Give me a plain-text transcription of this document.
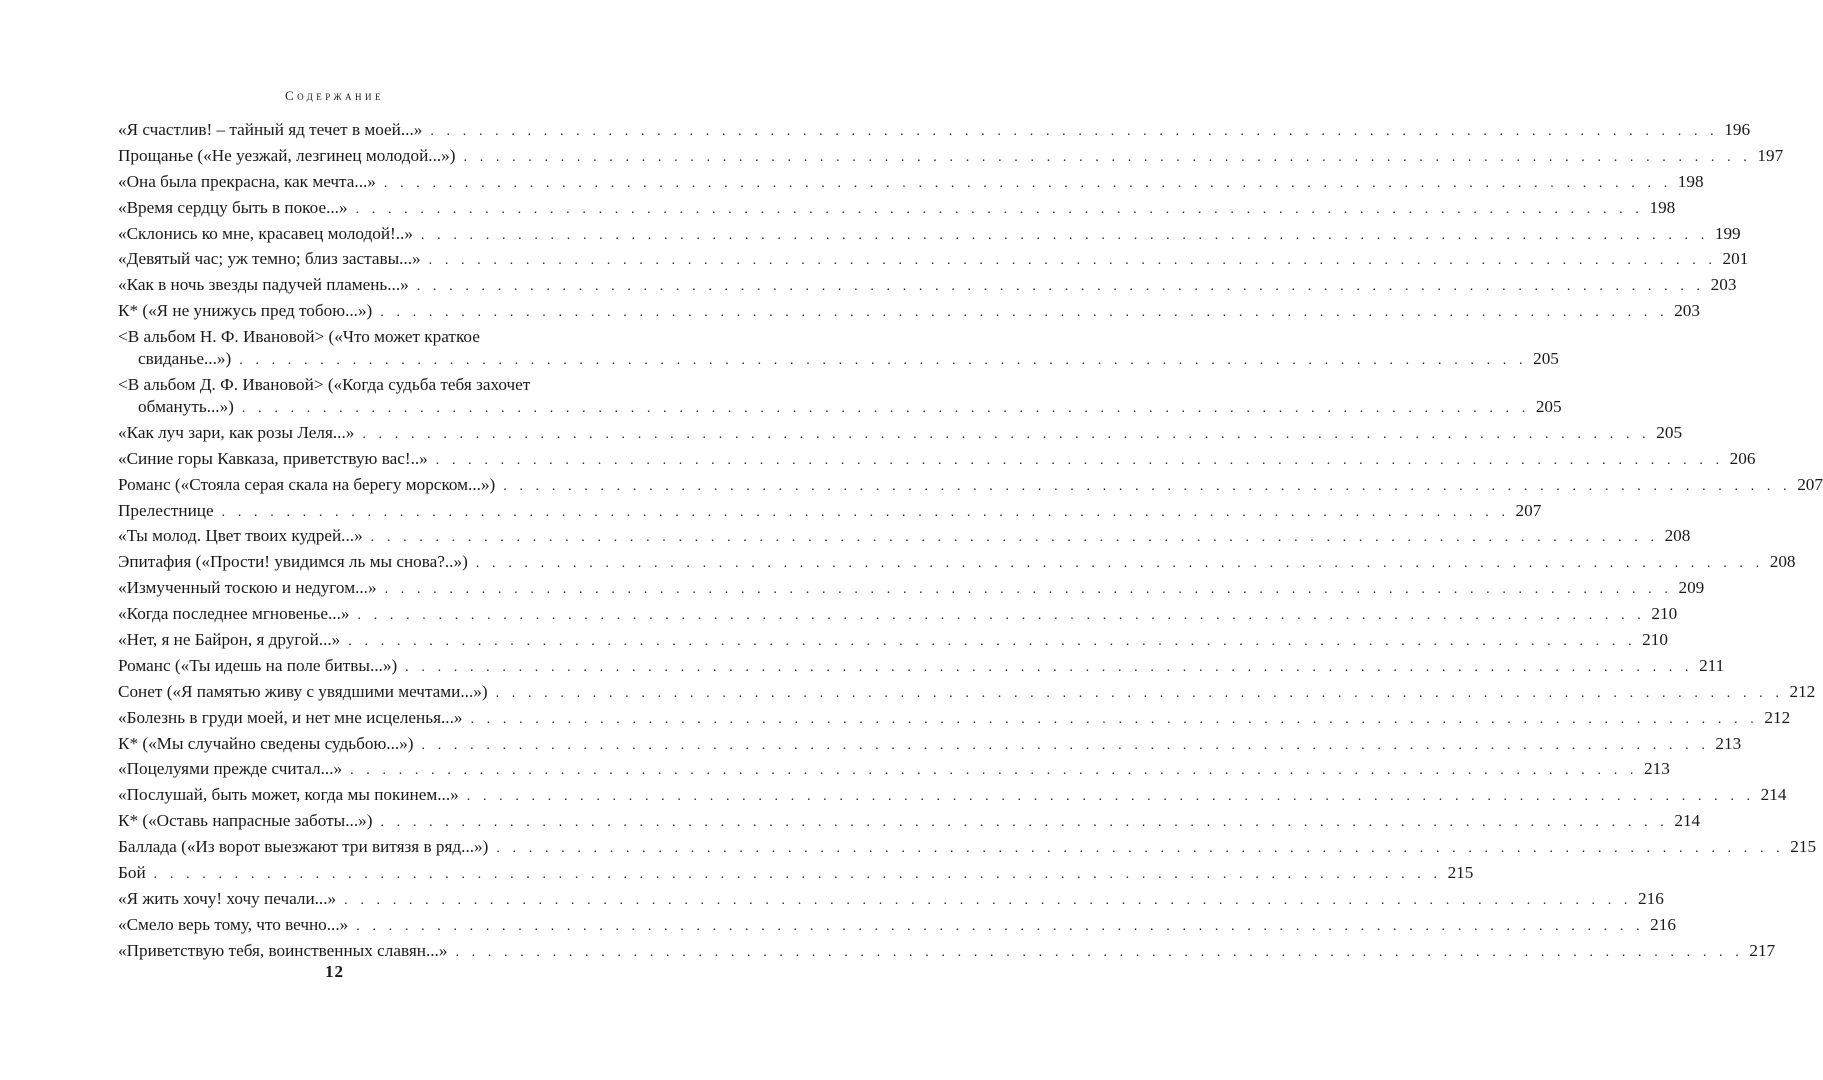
Содержание
«Я счастлив! – тайный яд течет в моей...» . . . . . . . . . . . . . . . . . . . . . . . . . . . . . . . . . . . . . . . . . . . . . . . . . . . . . . . . . . . . . . . . . . . . . . . . . . . . . . . . 196
Прощанье («Не уезжай, лезгинец молодой...») . . . . . . . . . . . . . . . . . . . . . . . . . . . . . . . . . . . . . . . . . . . . . . . . . . . . . . . . . . . . . . . . . . . . . . . . . . . . . . . . 197
«Она была прекрасна, как мечта...» . . . . . . . . . . . . . . . . . . . . . . . . . . . . . . . . . . . . . . . . . . . . . . . . . . . . . . . . . . . . . . . . . . . . . . . . . . . . . . . . 198
«Время сердцу быть в покое...» . . . . . . . . . . . . . . . . . . . . . . . . . . . . . . . . . . . . . . . . . . . . . . . . . . . . . . . . . . . . . . . . . . . . . . . . . . . . . . . . 198
«Склонись ко мне, красавец молодой!..» . . . . . . . . . . . . . . . . . . . . . . . . . . . . . . . . . . . . . . . . . . . . . . . . . . . . . . . . . . . . . . . . . . . . . . . . . . . . . . . . 199
«Девятый час; уж темно; близ заставы...» . . . . . . . . . . . . . . . . . . . . . . . . . . . . . . . . . . . . . . . . . . . . . . . . . . . . . . . . . . . . . . . . . . . . . . . . . . . . . . . . 201
«Как в ночь звезды падучей пламень...» . . . . . . . . . . . . . . . . . . . . . . . . . . . . . . . . . . . . . . . . . . . . . . . . . . . . . . . . . . . . . . . . . . . . . . . . . . . . . . . . 203
К* («Я не унижусь пред тобою...») . . . . . . . . . . . . . . . . . . . . . . . . . . . . . . . . . . . . . . . . . . . . . . . . . . . . . . . . . . . . . . . . . . . . . . . . . . . . . . . . 203
<В альбом Н. Ф. Ивановой> («Что может краткое
свиданье...») . . . . . . . . . . . . . . . . . . . . . . . . . . . . . . . . . . . . . . . . . . . . . . . . . . . . . . . . . . . . . . . . . . . . . . . . . . . . . . . . 205
<В альбом Д. Ф. Ивановой> («Когда судьба тебя захочет
обмануть...») . . . . . . . . . . . . . . . . . . . . . . . . . . . . . . . . . . . . . . . . . . . . . . . . . . . . . . . . . . . . . . . . . . . . . . . . . . . . . . . . 205
«Как луч зари, как розы Леля...» . . . . . . . . . . . . . . . . . . . . . . . . . . . . . . . . . . . . . . . . . . . . . . . . . . . . . . . . . . . . . . . . . . . . . . . . . . . . . . . . 205
«Синие горы Кавказа, приветствую вас!..» . . . . . . . . . . . . . . . . . . . . . . . . . . . . . . . . . . . . . . . . . . . . . . . . . . . . . . . . . . . . . . . . . . . . . . . . . . . . . . . . 206
Романс («Стояла серая скала на берегу морском...») . . . . . . . . . . . . . . . . . . . . . . . . . . . . . . . . . . . . . . . . . . . . . . . . . . . . . . . . . . . . . . . . . . . . . . . . . . . . . . . . 207
Прелестнице . . . . . . . . . . . . . . . . . . . . . . . . . . . . . . . . . . . . . . . . . . . . . . . . . . . . . . . . . . . . . . . . . . . . . . . . . . . . . . . . 207
«Ты молод. Цвет твоих кудрей...» . . . . . . . . . . . . . . . . . . . . . . . . . . . . . . . . . . . . . . . . . . . . . . . . . . . . . . . . . . . . . . . . . . . . . . . . . . . . . . . . 208
Эпитафия («Прости! увидимся ль мы снова?..») . . . . . . . . . . . . . . . . . . . . . . . . . . . . . . . . . . . . . . . . . . . . . . . . . . . . . . . . . . . . . . . . . . . . . . . . . . . . . . . . 208
«Измученный тоскою и недугом...» . . . . . . . . . . . . . . . . . . . . . . . . . . . . . . . . . . . . . . . . . . . . . . . . . . . . . . . . . . . . . . . . . . . . . . . . . . . . . . . . 209
«Когда последнее мгновенье...» . . . . . . . . . . . . . . . . . . . . . . . . . . . . . . . . . . . . . . . . . . . . . . . . . . . . . . . . . . . . . . . . . . . . . . . . . . . . . . . . 210
«Нет, я не Байрон, я другой...» . . . . . . . . . . . . . . . . . . . . . . . . . . . . . . . . . . . . . . . . . . . . . . . . . . . . . . . . . . . . . . . . . . . . . . . . . . . . . . . . 210
Романс («Ты идешь на поле битвы...») . . . . . . . . . . . . . . . . . . . . . . . . . . . . . . . . . . . . . . . . . . . . . . . . . . . . . . . . . . . . . . . . . . . . . . . . . . . . . . . . 211
Сонет («Я памятью живу с увядшими мечтами...») . . . . . . . . . . . . . . . . . . . . . . . . . . . . . . . . . . . . . . . . . . . . . . . . . . . . . . . . . . . . . . . . . . . . . . . . . . . . . . . . 212
«Болезнь в груди моей, и нет мне исцеленья...» . . . . . . . . . . . . . . . . . . . . . . . . . . . . . . . . . . . . . . . . . . . . . . . . . . . . . . . . . . . . . . . . . . . . . . . . . . . . . . . . 212
К* («Мы случайно сведены судьбою...») . . . . . . . . . . . . . . . . . . . . . . . . . . . . . . . . . . . . . . . . . . . . . . . . . . . . . . . . . . . . . . . . . . . . . . . . . . . . . . . . 213
«Поцелуями прежде считал...» . . . . . . . . . . . . . . . . . . . . . . . . . . . . . . . . . . . . . . . . . . . . . . . . . . . . . . . . . . . . . . . . . . . . . . . . . . . . . . . . 213
«Послушай, быть может, когда мы покинем...» . . . . . . . . . . . . . . . . . . . . . . . . . . . . . . . . . . . . . . . . . . . . . . . . . . . . . . . . . . . . . . . . . . . . . . . . . . . . . . . . 214
К* («Оставь напрасные заботы...») . . . . . . . . . . . . . . . . . . . . . . . . . . . . . . . . . . . . . . . . . . . . . . . . . . . . . . . . . . . . . . . . . . . . . . . . . . . . . . . . 214
Баллада («Из ворот выезжают три витязя в ряд...») . . . . . . . . . . . . . . . . . . . . . . . . . . . . . . . . . . . . . . . . . . . . . . . . . . . . . . . . . . . . . . . . . . . . . . . . . . . . . . . . 215
Бой . . . . . . . . . . . . . . . . . . . . . . . . . . . . . . . . . . . . . . . . . . . . . . . . . . . . . . . . . . . . . . . . . . . . . . . . . . . . . . . . 215
«Я жить хочу! хочу печали...» . . . . . . . . . . . . . . . . . . . . . . . . . . . . . . . . . . . . . . . . . . . . . . . . . . . . . . . . . . . . . . . . . . . . . . . . . . . . . . . . 216
«Смело верь тому, что вечно...» . . . . . . . . . . . . . . . . . . . . . . . . . . . . . . . . . . . . . . . . . . . . . . . . . . . . . . . . . . . . . . . . . . . . . . . . . . . . . . . . 216
«Приветствую тебя, воинственных славян...» . . . . . . . . . . . . . . . . . . . . . . . . . . . . . . . . . . . . . . . . . . . . . . . . . . . . . . . . . . . . . . . . . . . . . . . . . . . . . . . . 217
12
